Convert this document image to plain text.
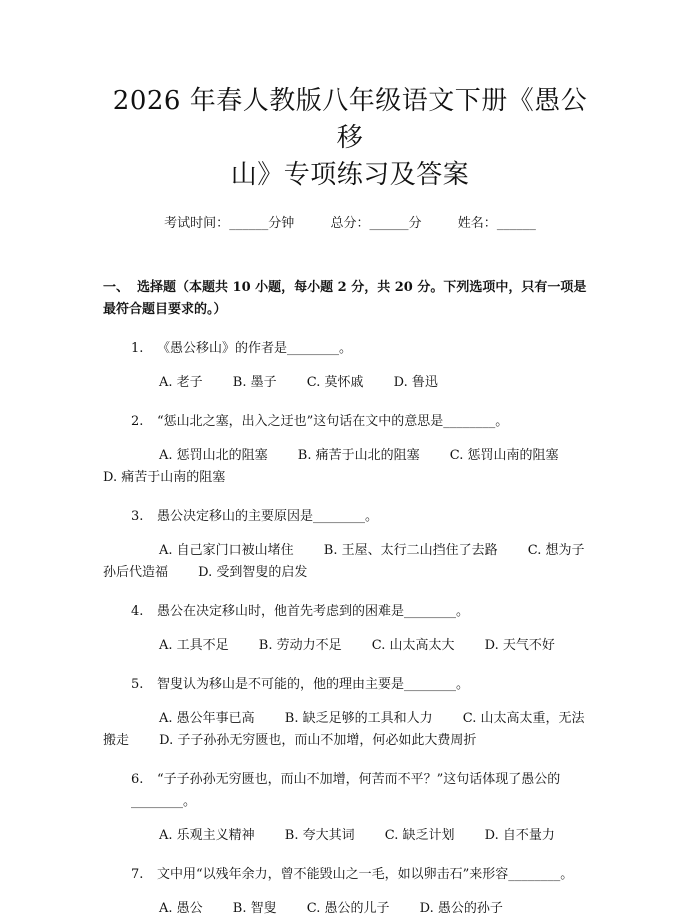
2026 年春人教版八年级语文下册《愚公移
山》专项练习及答案
考试时间：______分钟	总分：______分	姓名：______
一、 选择题（本题共 10 小题，每小题 2 分，共 20 分。下列选项中，只有一项是最符合题目要求的。）
1. 《愚公移山》的作者是________。
A. 老子 B. 墨子 C. 莫怀戚 D. 鲁迅
2. “惩山北之塞，出入之迂也”这句话在文中的意思是________。
A. 惩罚山北的阻塞 B. 痛苦于山北的阻塞 C. 惩罚山南的阻塞 D. 痛苦于山南的阻塞
3. 愚公决定移山的主要原因是________。
A. 自己家门口被山堵住 B. 王屋、太行二山挡住了去路 C. 想为子孙后代造福 D. 受到智叟的启发
4. 愚公在决定移山时，他首先考虑到的困难是________。
A. 工具不足 B. 劳动力不足 C. 山太高太大 D. 天气不好
5. 智叟认为移山是不可能的，他的理由主要是________。
A. 愚公年事已高 B. 缺乏足够的工具和人力 C. 山太高太重，无法搬走 D. 子子孙孙无穷匮也，而山不加增，何必如此大费周折
6. “子子孙孙无穷匮也，而山不加增，何苦而不平？”这句话体现了愚公的________。
A. 乐观主义精神 B. 夸大其词 C. 缺乏计划 D. 自不量力
7. 文中用“以残年余力，曾不能毁山之一毛，如以卵击石”来形容________。
A. 愚公 B. 智叟 C. 愚公的儿子 D. 愚公的孙子
